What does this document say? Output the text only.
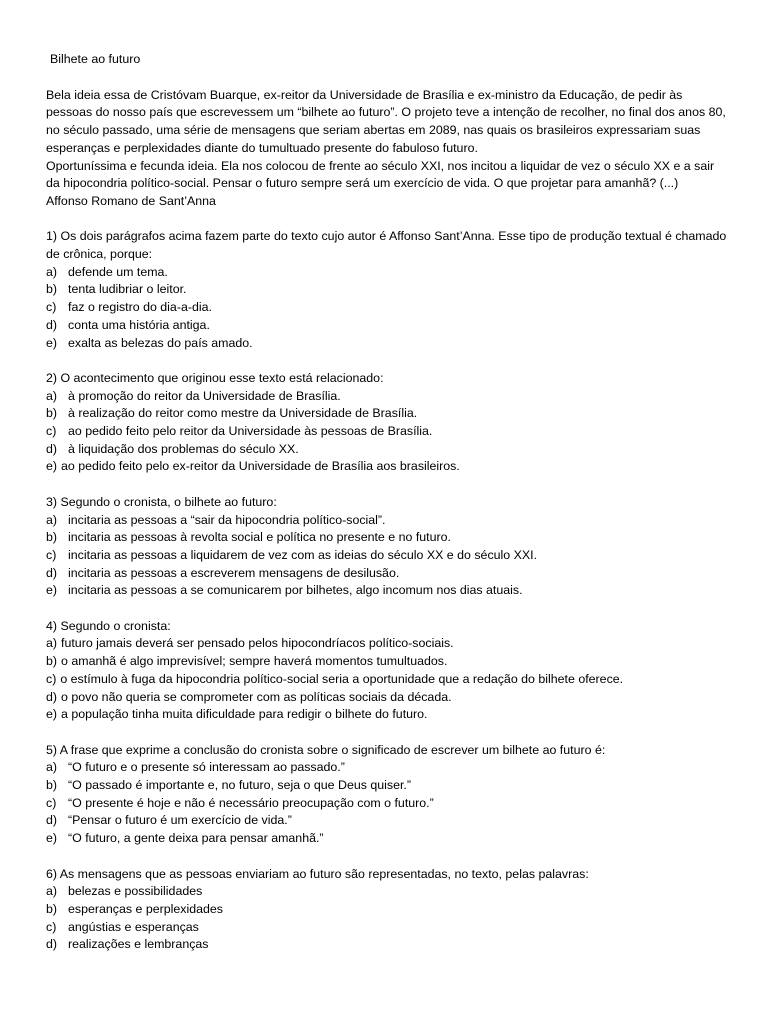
Bilhete ao futuro

Bela ideia essa de Cristóvam Buarque, ex-reitor da Universidade de Brasília e ex-ministro da Educação, de pedir às pessoas do nosso país que escrevessem um “bilhete ao futuro”. O projeto teve a intenção de recolher, no final dos anos 80, no século passado, uma série de mensagens que seriam abertas em 2089, nas quais os brasileiros expressariam suas esperanças e perplexidades diante do tumultuado presente do fabuloso futuro.

Oportuníssima e fecunda ideia. Ela nos colocou de frente ao século XXI, nos incitou a liquidar de vez o século XX e a sair da hipocondria político-social. Pensar o futuro sempre será um exercício de vida. O que projetar para amanhã? (...)

Affonso Romano de Sant’Anna

1) Os dois parágrafos acima fazem parte do texto cujo autor é Affonso Sant’Anna. Esse tipo de produção textual é chamado de crônica, porque:

a) defende um tema.
b) tenta ludibriar o leitor.
c) faz o registro do dia-a-dia.
d) conta uma história antiga.
e) exalta as belezas do país amado.

2) O acontecimento que originou esse texto está relacionado:

a) à promoção do reitor da Universidade de Brasília.
b) à realização do reitor como mestre da Universidade de Brasília.
c) ao pedido feito pelo reitor da Universidade às pessoas de Brasília.
d) à liquidação dos problemas do século XX.
e) ao pedido feito pelo ex-reitor da Universidade de Brasília aos brasileiros.

3) Segundo o cronista, o bilhete ao futuro:

a) incitaria as pessoas a “sair da hipocondria político-social”.
b) incitaria as pessoas à revolta social e política no presente e no futuro.
c) incitaria as pessoas a liquidarem de vez com as ideias do século XX e do século XXI.
d) incitaria as pessoas a escreverem mensagens de desilusão.
e) incitaria as pessoas a se comunicarem por bilhetes, algo incomum nos dias atuais.

4) Segundo o cronista:

a) futuro jamais deverá ser pensado pelos hipocondríacos político-sociais.
b) o amanhã é algo imprevisível; sempre haverá momentos tumultuados.
c) o estímulo à fuga da hipocondria político-social seria a oportunidade que a redação do bilhete oferece.
d) o povo não queria se comprometer com as políticas sociais da década.
e) a população tinha muita dificuldade para redigir o bilhete do futuro.

5) A frase que exprime a conclusão do cronista sobre o significado de escrever um bilhete ao futuro é:

a) “O futuro e o presente só interessam ao passado.”
b) “O passado é importante e, no futuro, seja o que Deus quiser.”
c) “O presente é hoje e não é necessário preocupação com o futuro.”
d) “Pensar o futuro é um exercício de vida.”
e) “O futuro, a gente deixa para pensar amanhã.”

6) As mensagens que as pessoas enviariam ao futuro são representadas, no texto, pelas palavras:

a) belezas e possibilidades
b) esperanças e perplexidades
c) angústias e esperanças
d) realizações e lembranças
